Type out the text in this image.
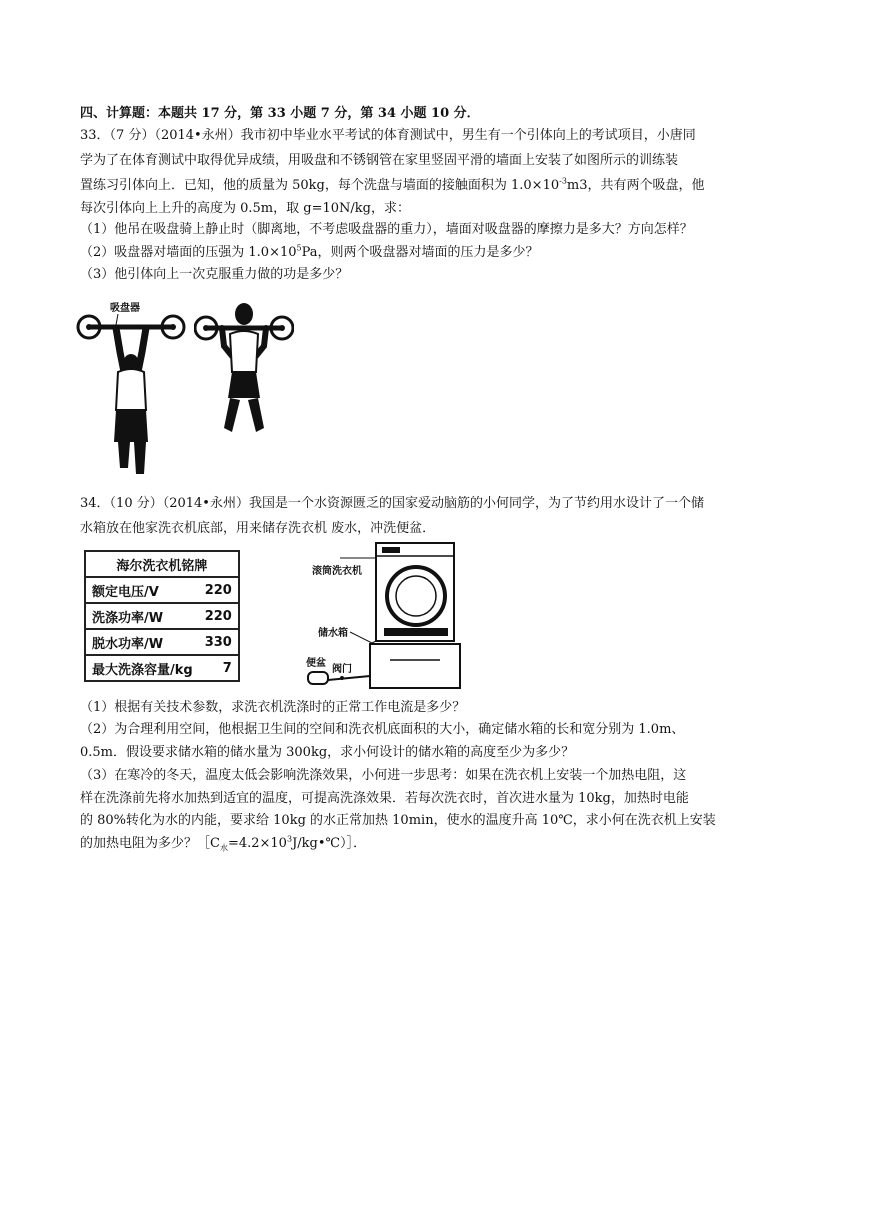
四、计算题：本题共 17 分，第 33 小题 7 分，第 34 小题 10 分．
33．（7 分）（2014•永州）我市初中毕业水平考试的体育测试中，男生有一个引体向上的考试项目，小唐同
学为了在体育测试中取得优异成绩，用吸盘和不锈钢管在家里竖固平滑的墙面上安装了如图所示的训练装
置练习引体向上．已知，他的质量为 50kg，每个洗盘与墙面的接触面积为 $1.0\times 10^{-3}m3$，共有两个吸盘，他
每次引体向上上升的高度为 0.5m，取 g=10N/kg，求：
（1）他吊在吸盘骑上静止时（脚离地，不考虑吸盘器的重力），墙面对吸盘器的摩擦力是多大？方向怎样？
（2）吸盘器对墙面的压强为 $1.0\times 10^5Pa$，则两个吸盘器对墙面的压力是多少？
（3）他引体向上一次克服重力做的功是多少？
吸盘器
34．（10 分）（2014•永州）我国是一个水资源匮乏的国家爱动脑筋的小何同学，为了节约用水设计了一个储
水箱放在他家洗衣机底部，用来储存洗衣机 废水，冲洗便盆．
海尔洗衣机铭牌	
额定电压/V	220
洗涤功率/W	220
脱水功率/W	330
最大洗涤容量/kg	7
滚筒洗衣机
储水箱
便盆
阀门
（1）根据有关技术参数，求洗衣机洗涤时的正常工作电流是多少？
（2）为合理利用空间，他根据卫生间的空间和洗衣机底面积的大小，确定储水箱的长和宽分别为 1.0m、
0.5m．假设要求储水箱的储水量为 300kg，求小何设计的储水箱的高度至少为多少？
（3）在寒冷的冬天，温度太低会影响洗涤效果，小何进一步思考：如果在洗衣机上安装一个加热电阻，这
样在洗涤前先将水加热到适宜的温度，可提高洗涤效果．若每次洗衣时，首次进水量为 10kg，加热时电能
的 80%转化为水的内能，要求给 10kg 的水正常加热 10min，使水的温度升高 10℃，求小何在洗衣机上安装
的加热电阻为多少？$[C_水=4.2\times 10^3J/kg•℃)]$．
